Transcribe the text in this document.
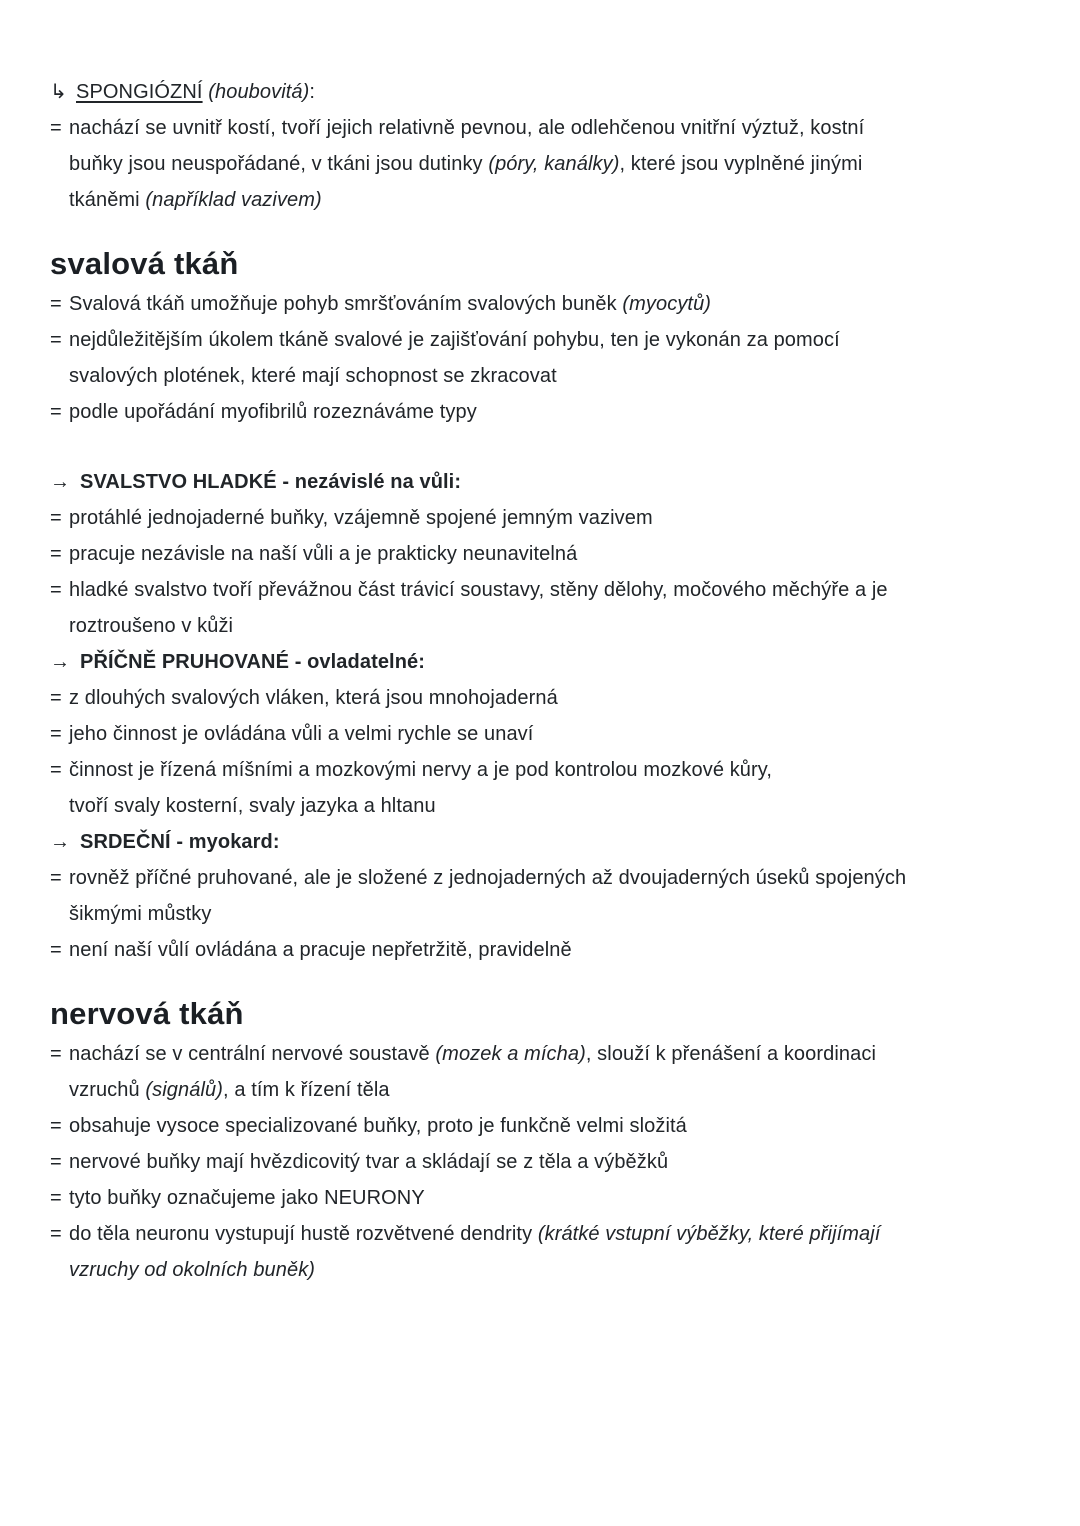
↳ SPONGIÓZNÍ (houbovitá):
= nachází se uvnitř kostí, tvoří jejich relativně pevnou, ale odlehčenou vnitřní výztuž, kostní
buňky jsou neuspořádané, v tkáni jsou dutinky (póry, kanálky), které jsou vyplněné jinými
tkáněmi (například vazivem)
svalová tkáň
= Svalová tkáň umožňuje pohyb smršťováním svalových buněk (myocytů)
= nejdůležitějším úkolem tkáně svalové je zajišťování pohybu, ten je vykonán za pomocí
svalových plotének, které mají schopnost se zkracovat
= podle upořádání myofibrilů rozeznáváme typy
→ SVALSTVO HLADKÉ - nezávislé na vůli:
= protáhlé jednojaderné buňky, vzájemně spojené jemným vazivem
= pracuje nezávisle na naší vůli a je prakticky neunavitelná
= hladké svalstvo tvoří převážnou část trávicí soustavy, stěny dělohy, močového měchýře a je
roztroušeno v kůži
→ PŘÍČNĚ PRUHOVANÉ - ovladatelné:
= z dlouhých svalových vláken, která jsou mnohojaderná
= jeho činnost je ovládána vůli a velmi rychle se unaví
= činnost je řízená míšními a mozkovými nervy a je pod kontrolou mozkové kůry,
tvoří svaly kosterní, svaly jazyka a hltanu
→ SRDEČNÍ - myokard:
= rovněž příčné pruhované, ale je složené z jednojaderných až dvoujaderných úseků spojených
šikmými můstky
= není naší vůlí ovládána a pracuje nepřetržitě, pravidelně
nervová tkáň
= nachází se v centrální nervové soustavě (mozek a mícha), slouží k přenášení a koordinaci
vzruchů (signálů), a tím k řízení těla
= obsahuje vysoce specializované buňky, proto je funkčně velmi složitá
= nervové buňky mají hvězdicovitý tvar a skládají se z těla a výběžků
= tyto buňky označujeme jako NEURONY
= do těla neuronu vystupují hustě rozvětvené dendrity (krátké vstupní výběžky, které přijímají
vzruchy od okolních buněk)
